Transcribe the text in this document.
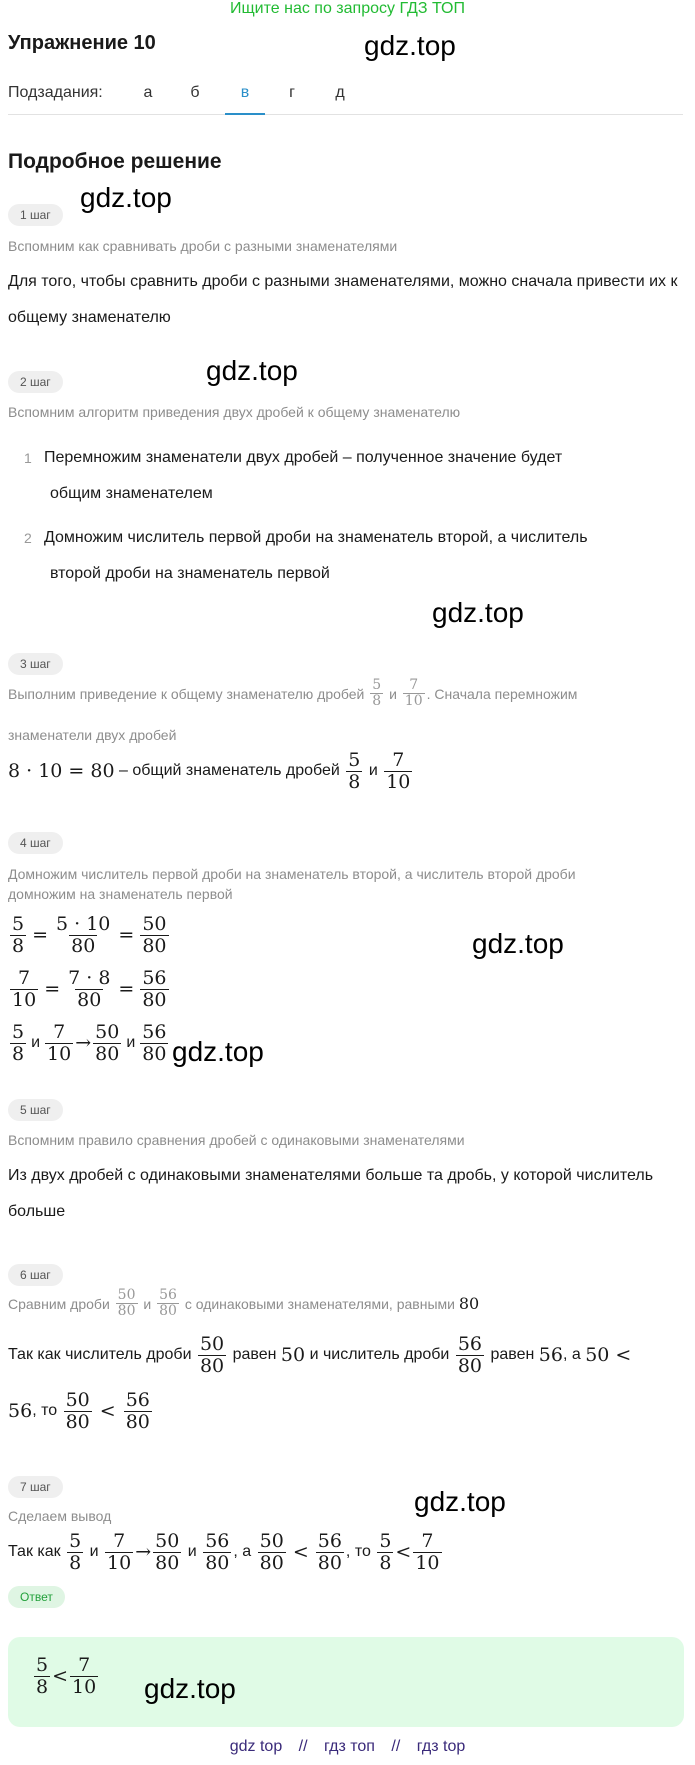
Ищите нас по запросу ГДЗ ТОП
Упражнение 10	gdz.top
Подзадания:	а	б	в	г	д
Подробное решение
1 шаг
gdz.top
Вспомним как сравнивать дроби с разными знаменателями
Для того, чтобы сравнить дроби с разными знаменателями, можно сначала привести их к общему знаменателю
2 шаг	gdz.top
Вспомним алгоритм приведения двух дробей к общему знаменателю
1 Перемножим знаменатели двух дробей – полученное значение будет
общим знаменателем
2 Домножим числитель первой дроби на знаменатель второй, а числитель
второй дроби на знаменатель первой
gdz.top
3 шаг
Выполним приведение к общему знаменателю дробей
$\frac{5}{8}$
и
$\frac{7}{10}$ . Сначала перемножим
знаменатели двух дробей
8 · 10 = 80 – общий знаменатель дробей $\frac{5}{8}$
и
$\frac{7}{10}$
4 шаг
Домножим числитель первой дроби на знаменатель второй, а числитель второй дроби
домножим на знаменатель первой
$\frac{5}{8} = \frac{5 \cdot 10}{80} = \frac{50}{80}$	gdz.top
$\frac{7}{10} = \frac{7 \cdot 8}{80} = \frac{56}{80}$
$\frac{5}{8}$ и $\frac{7}{10} \to \frac{50}{80}$ и $\frac{56}{80} gdz.top$
5 шаг
Вспомним правило сравнения дробей с одинаковыми знаменателями
Из двух дробей с одинаковыми знаменателями больше та дробь, у которой числитель больше
6 шаг
Сравним дроби
$\frac{50}{80}$
и
$\frac{56}{80}$
с одинаковыми знаменателями, равными
80
Так как числитель дроби
$\frac{50}{80}$
равен
50
и числитель дроби
$\frac{56}{80}$
равен
56 , а
50 <
56 , то
$\frac{50}{80} < \frac{56}{80}$
7 шаг	gdz.top
Сделаем вывод
Так как
$\frac{5}{8}$
и
$\frac{7}{10} \to \frac{50}{80}$
и
$\frac{56}{80}$ , а
$\frac{50}{80} < \frac{56}{80}$ , то
$\frac{5}{8} < \frac{7}{10}$
Ответ
$\frac{5}{8} < \frac{7}{10} gdz.top$
gdz top // гдз топ // гдз top
